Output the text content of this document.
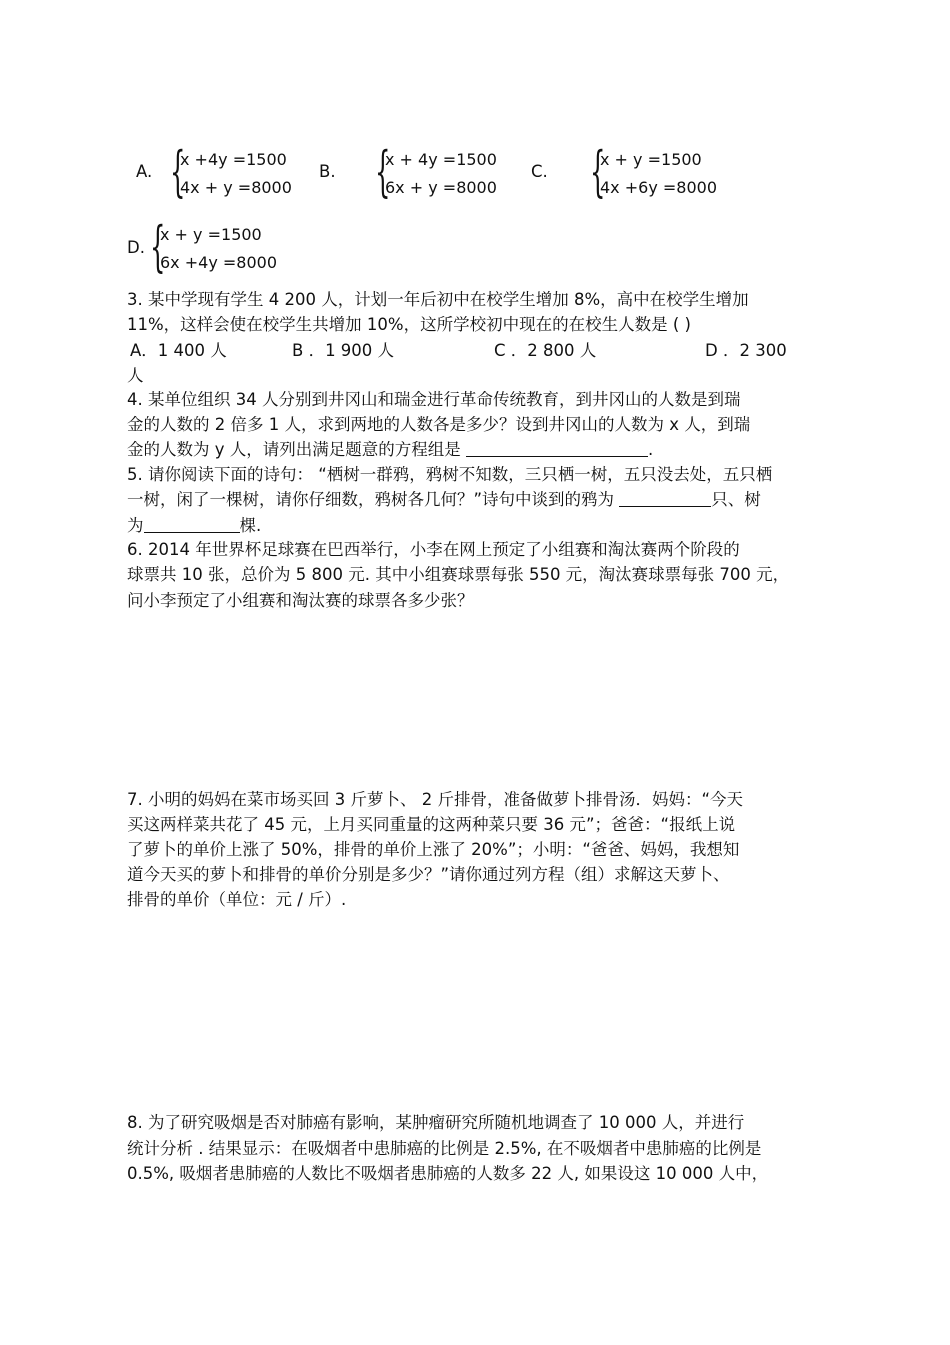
A. {
x +4y =1500
4x + y =8000
B. {
x + 4y =1500
6x + y =8000
C. {
x + y =1500
4x +6y =8000
D. {
x + y =1500
6x +4y =8000
3. 某中学现有学生 4 200 人，计划一年后初中在校学生增加 8%，高中在校学生增加
11%，这样会使在校学生共增加 10%，这所学校初中现在的在校生人数是 ( )
A．1 400 人	B ．1 900 人	C ．2 800 人	D ．2 300
人
4. 某单位组织 34 人分别到井冈山和瑞金进行革命传统教育，到井冈山的人数是到瑞
金的人数的 2 倍多 1 人，求到两地的人数各是多少？设到井冈山的人数为 x 人，到瑞
金的人数为 y 人，请列出满足题意的方程组是	.
5. 请你阅读下面的诗句： “栖树一群鸦，鸦树不知数，三只栖一树，五只没去处，五只栖
一树，闲了一棵树，请你仔细数，鸦树各几何？”诗句中谈到的鸦为	只、树
为	棵.
6. 2014 年世界杯足球赛在巴西举行，小李在网上预定了小组赛和淘汰赛两个阶段的
球票共 10 张，总价为 5 800 元. 其中小组赛球票每张 550 元，淘汰赛球票每张 700 元，
问小李预定了小组赛和淘汰赛的球票各多少张？
7. 小明的妈妈在菜市场买回 3 斤萝卜、 2 斤排骨，准备做萝卜排骨汤．妈妈：“今天
买这两样菜共花了 45 元，上月买同重量的这两种菜只要 36 元”；爸爸：“报纸上说
了萝卜的单价上涨了 50%，排骨的单价上涨了 20%”；小明：“爸爸、妈妈，我想知
道今天买的萝卜和排骨的单价分别是多少？”请你通过列方程（组）求解这天萝卜、
排骨的单价（单位：元 / 斤）.
8. 为了研究吸烟是否对肺癌有影响，某肿瘤研究所随机地调查了 10 000 人，并进行
统计分析 . 结果显示：在吸烟者中患肺癌的比例是 2.5%, 在不吸烟者中患肺癌的比例是
0.5%, 吸烟者患肺癌的人数比不吸烟者患肺癌的人数多 22 人, 如果设这 10 000 人中，
